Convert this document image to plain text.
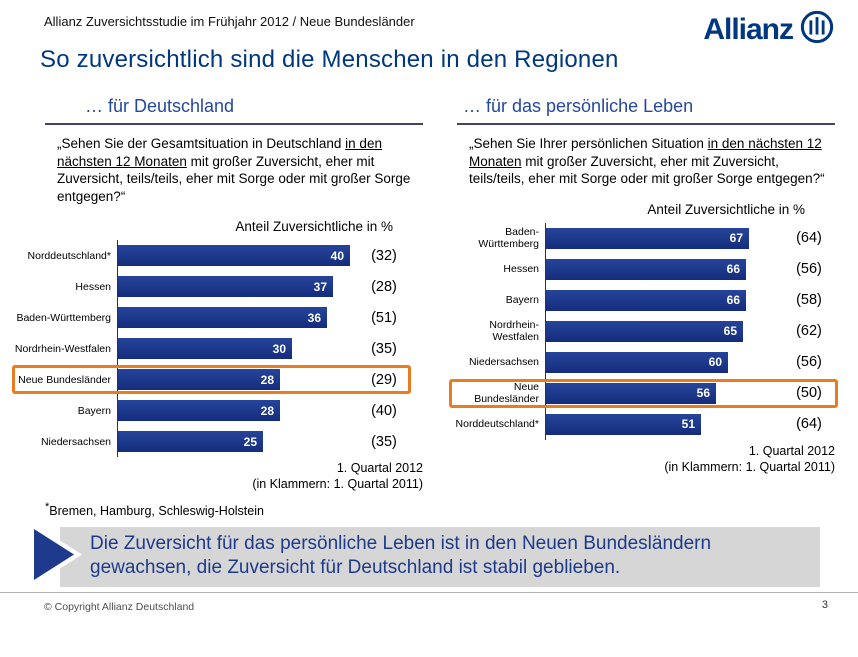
Allianz Zuversichtsstudie im Frühjahr 2012 / Neue Bundesländer	Allianz
So zuversichtlich sind die Menschen in den Regionen
… für Deutschland

„Sehen Sie der Gesamtsituation in Deutschland in den nächsten 12 Monaten mit großer Zuversicht, eher mit Zuversicht, teils/teils, eher mit Sorge oder mit großer Sorge entgegen?“

Anteil Zuversichtliche in %
Norddeutschland*	40	(32)
Hessen	37	(28)
Baden-Württemberg	36	(51)
Nordrhein-Westfalen	30	(35)
Neue Bundesländer	28	(29)
Bayern	28	(40)
Niedersachsen	25	(35)
1. Quartal 2012
(in Klammern: 1. Quartal 2011)
… für das persönliche Leben

„Sehen Sie Ihrer persönlichen Situation in den nächsten 12 Monaten mit großer Zuversicht, eher mit Zuversicht, teils/teils, eher mit Sorge oder mit großer Sorge entgegen?“

Anteil Zuversichtliche in %
Baden-Württemberg	67	(64)
Hessen	66	(56)
Bayern	66	(58)
Nordrhein-Westfalen	65	(62)
Niedersachsen	60	(56)
Neue Bundesländer	56	(50)
Norddeutschland*	51	(64)
1. Quartal 2012
(in Klammern: 1. Quartal 2011)
*Bremen, Hamburg, Schleswig-Holstein
Die Zuversicht für das persönliche Leben ist in den Neuen Bundesländern gewachsen, die Zuversicht für Deutschland ist stabil geblieben.
© Copyright Allianz Deutschland	3
